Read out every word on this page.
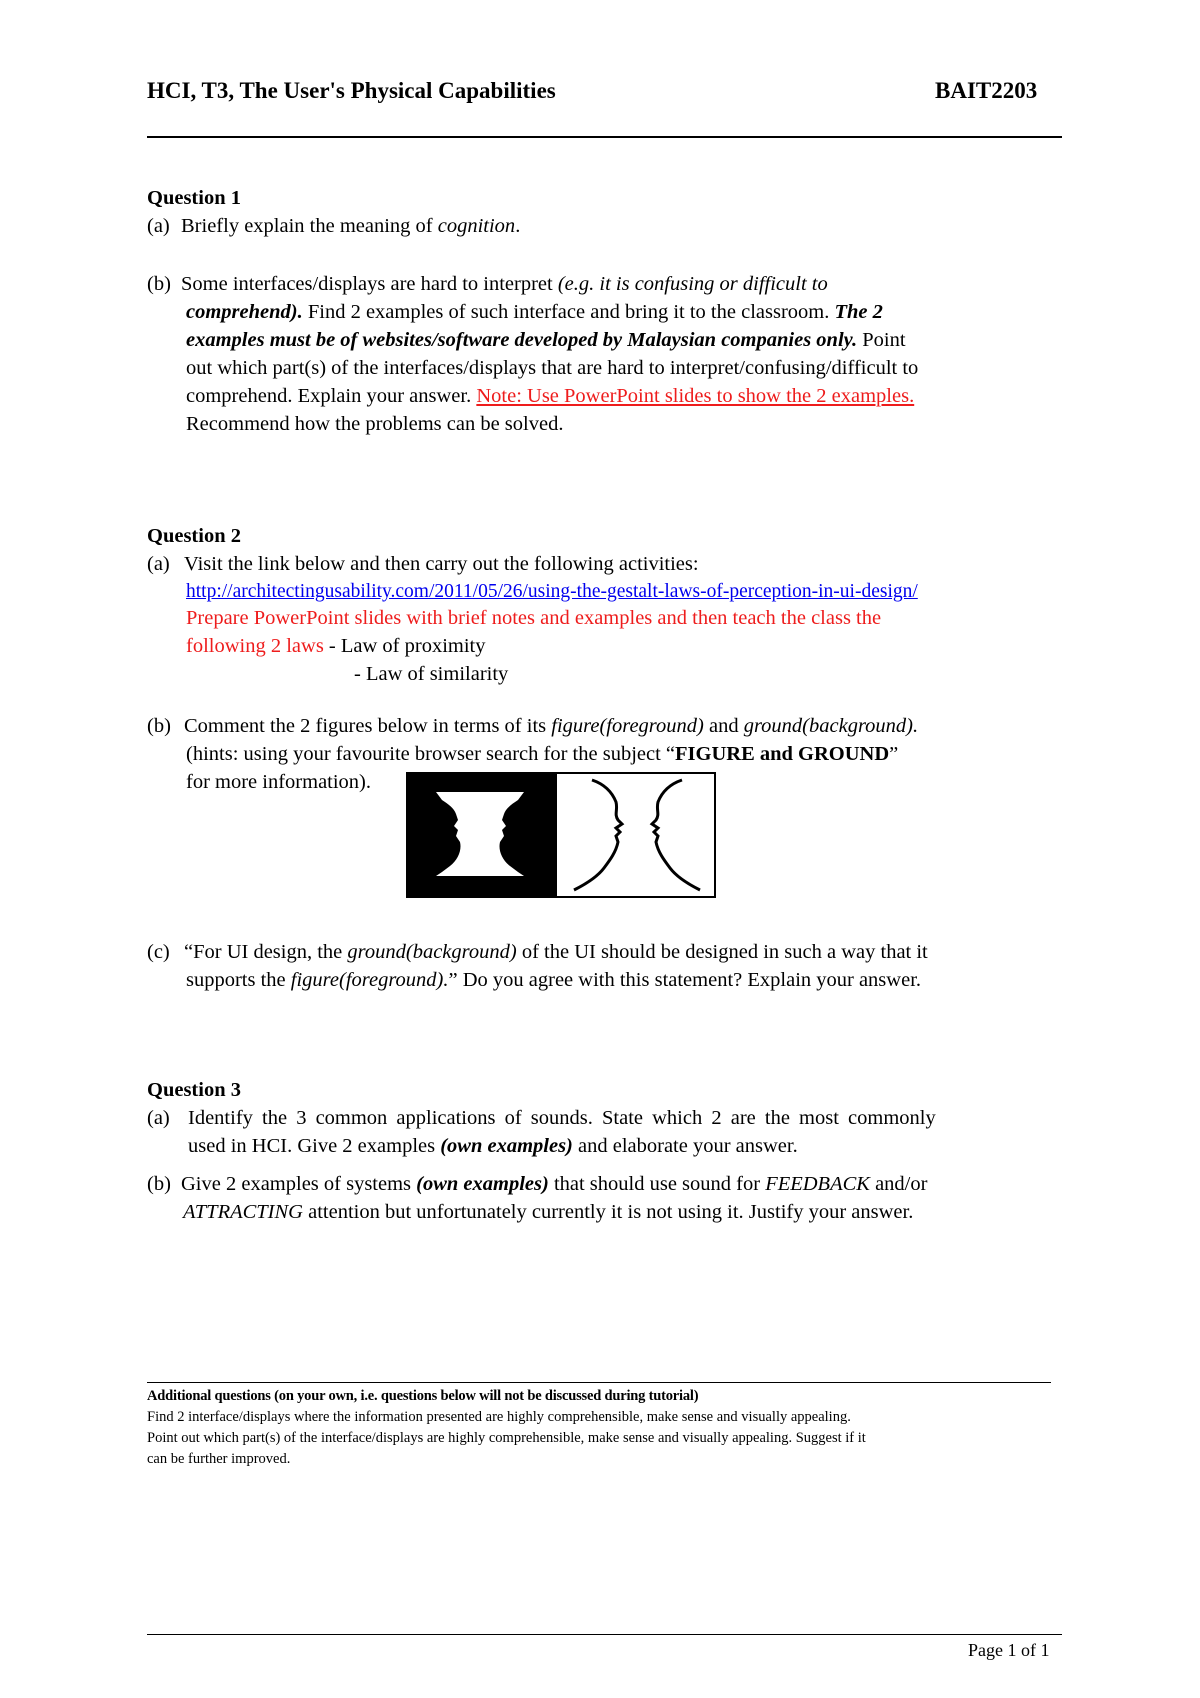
HCI, T3, The User's Physical Capabilities	BAIT2203
Question 1
(a) Briefly explain the meaning of cognition.
(b) Some interfaces/displays are hard to interpret (e.g. it is confusing or difficult to
comprehend). Find 2 examples of such interface and bring it to the classroom. The 2
examples must be of websites/software developed by Malaysian companies only. Point
out which part(s) of the interfaces/displays that are hard to interpret/confusing/difficult to
comprehend. Explain your answer. Note: Use PowerPoint slides to show the 2 examples.
Recommend how the problems can be solved.
Question 2
(a) Visit the link below and then carry out the following activities:
http://architectingusability.com/2011/05/26/using-the-gestalt-laws-of-perception-in-ui-design/
Prepare PowerPoint slides with brief notes and examples and then teach the class the
following 2 laws - Law of proximity
- Law of similarity
(b) Comment the 2 figures below in terms of its figure(foreground) and ground(background).
(hints: using your favourite browser search for the subject “FIGURE and GROUND”
for more information).
(c) “For UI design, the ground(background) of the UI should be designed in such a way that it
supports the figure(foreground).” Do you agree with this statement? Explain your answer.
Question 3
(a) Identify the 3 common applications of sounds. State which 2 are the most commonly
used in HCI. Give 2 examples (own examples) and elaborate your answer.
(b) Give 2 examples of systems (own examples) that should use sound for FEEDBACK and/or
ATTRACTING attention but unfortunately currently it is not using it. Justify your answer.
Additional questions (on your own, i.e. questions below will not be discussed during tutorial)
Find 2 interface/displays where the information presented are highly comprehensible, make sense and visually appealing.
Point out which part(s) of the interface/displays are highly comprehensible, make sense and visually appealing. Suggest if it
can be further improved.
Page 1 of 1
